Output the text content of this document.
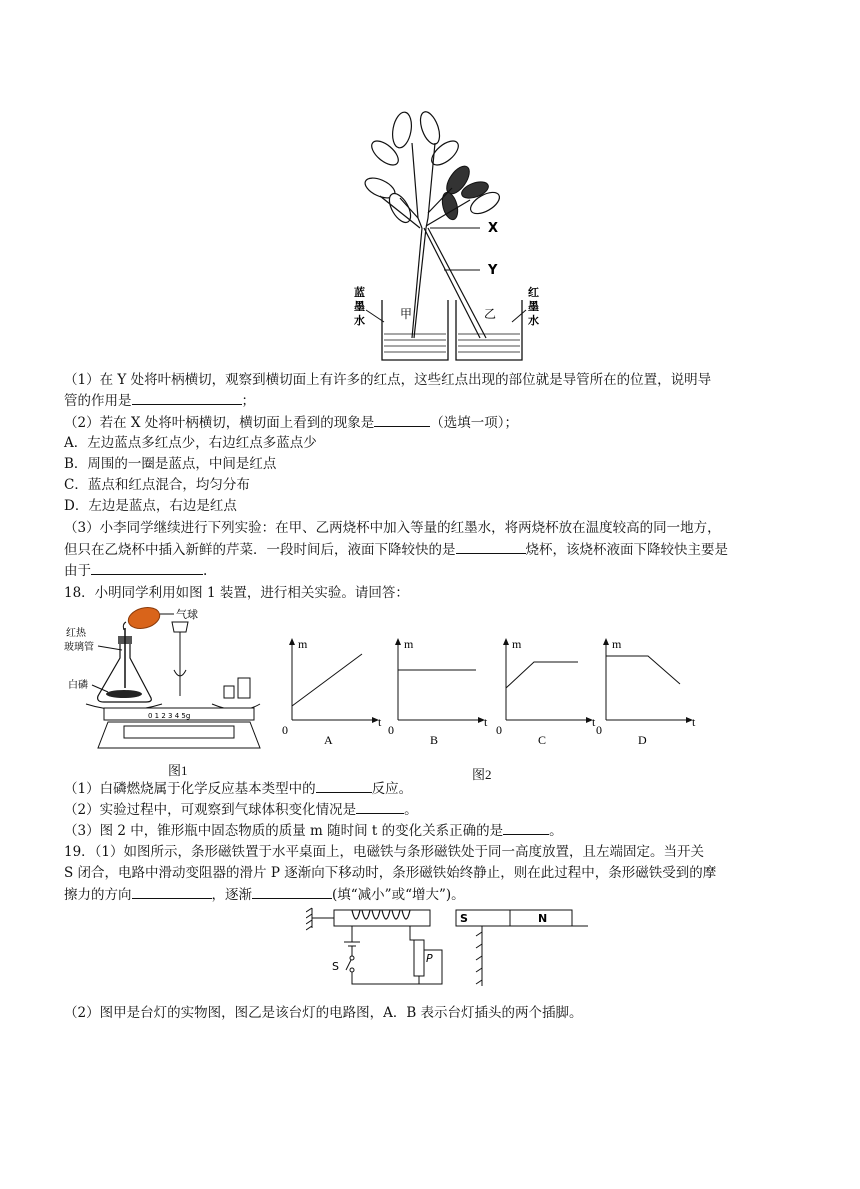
X
Y
甲	乙
蓝墨水
红墨水
（1）在 Y 处将叶柄横切，观察到横切面上有许多的红点，这些红点出现的部位就是导管所在的位置，说明导
管的作用是	；
（2）若在 X 处将叶柄横切，横切面上看到的现象是	（选填一项）；
A．左边蓝点多红点少，右边红点多蓝点少
B．周围的一圈是蓝点，中间是红点
C．蓝点和红点混合，均匀分布
D．左边是蓝点，右边是红点
（3）小李同学继续进行下列实验：在甲、乙两烧杯中加入等量的红墨水，将两烧杯放在温度较高的同一地方，
但只在乙烧杯中插入新鲜的芹菜．一段时间后，液面下降较快的是	烧杯，该烧杯液面下降较快主要是
由于	.
18．小明同学利用如图 1 装置，进行相关实验。请回答：
气球
红热
玻璃管
白磷
0 1 2 3 4 5g
图1
m
t
0
A
m
t
0
B
m
t
0
C
m
t
0
D
图2
（1）白磷燃烧属于化学反应基本类型中的	反应。
（2）实验过程中，可观察到气球体积变化情况是	。
（3）图 2 中，锥形瓶中固态物质的质量 m 随时间 t 的变化关系正确的是	。
19．（1）如图所示，条形磁铁置于水平桌面上，电磁铁与条形磁铁处于同一高度放置，且左端固定。当开关
S 闭合，电路中滑动变阻器的滑片 P 逐渐向下移动时，条形磁铁始终静止，则在此过程中，条形磁铁受到的摩
擦力的方向	，逐渐	(填“减小”或“增大”)。
S
P
S	N
（2）图甲是台灯的实物图，图乙是该台灯的电路图，A．B 表示台灯插头的两个插脚。
